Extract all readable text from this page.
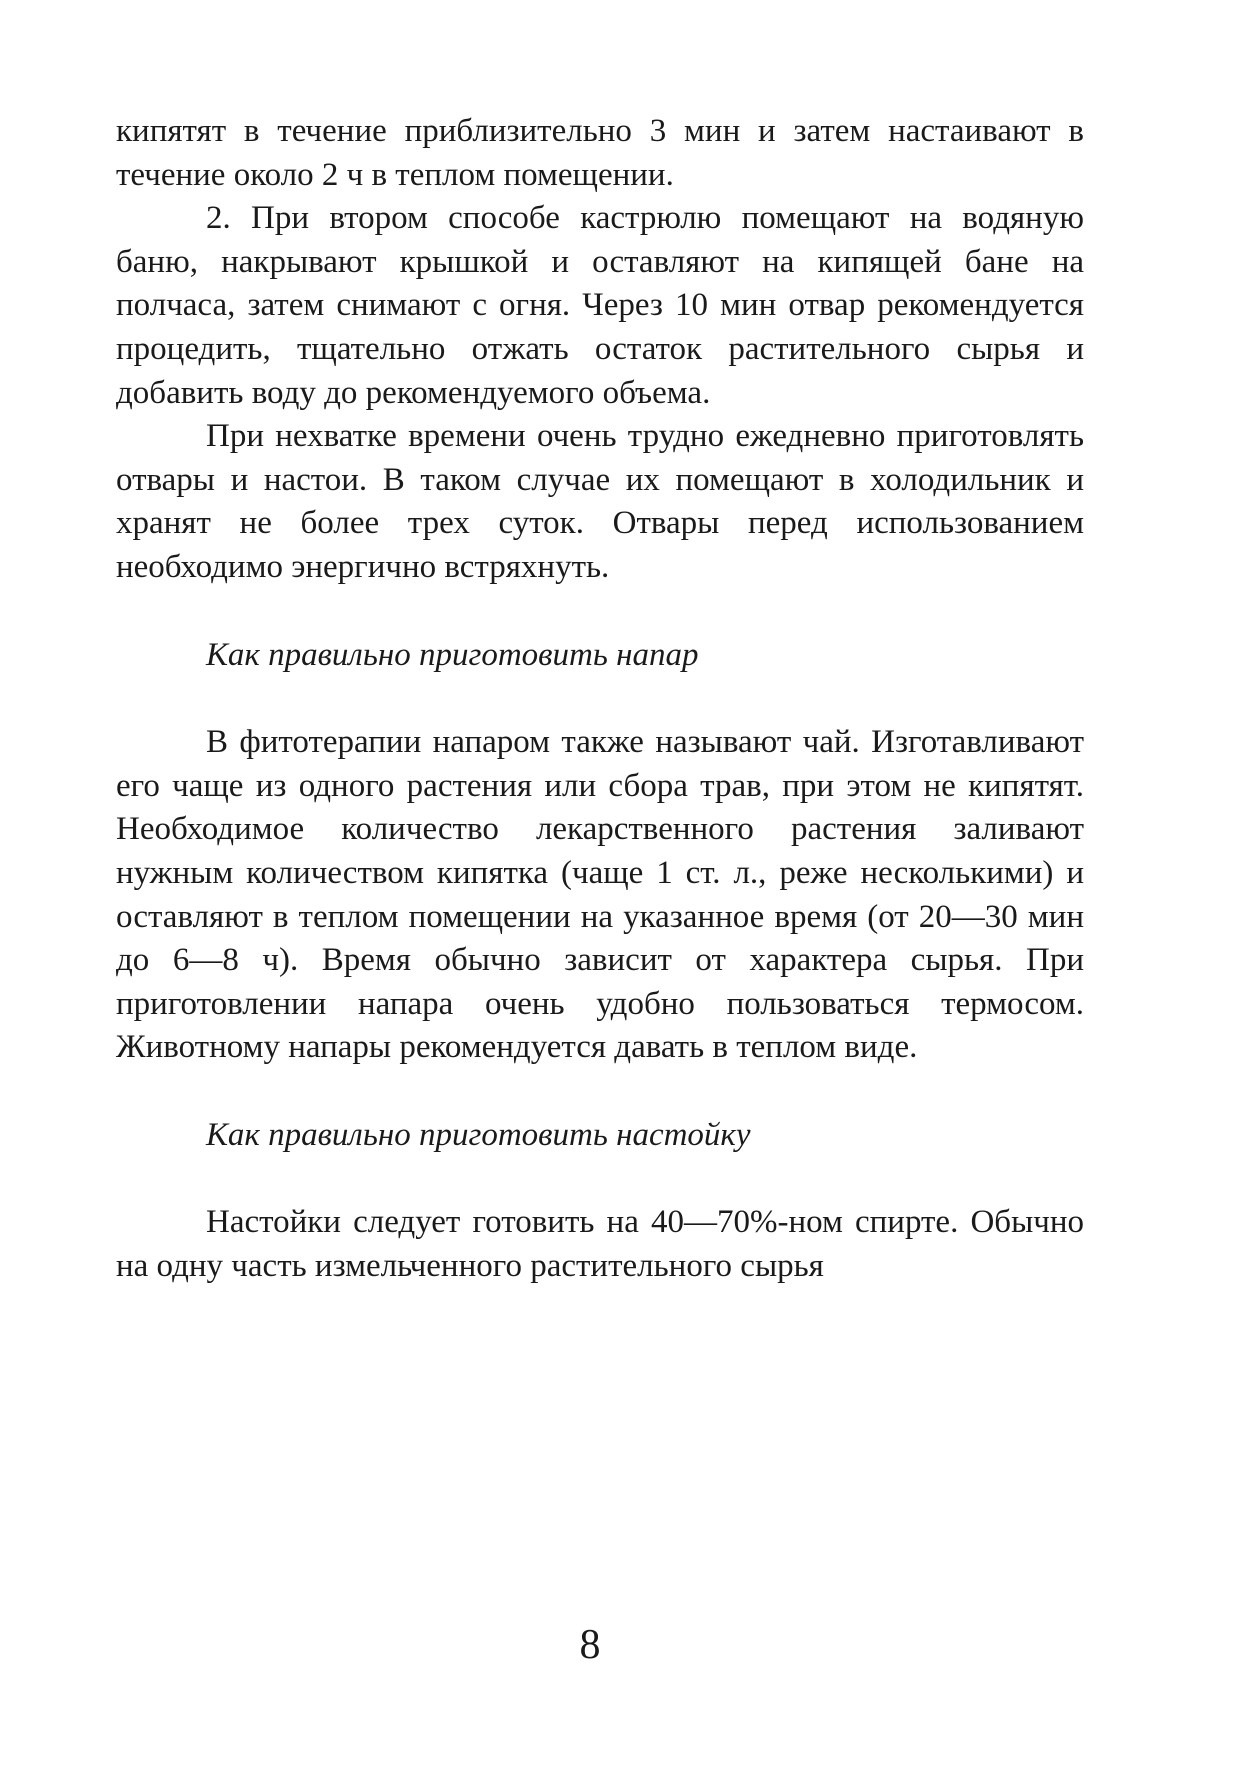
кипятят в течение приблизительно 3 мин и затем настаивают в течение около 2 ч в теплом помещении.

2. При втором способе кастрюлю помещают на водяную баню, накрывают крышкой и оставляют на кипящей бане на полчаса, затем снимают с огня. Через 10 мин отвар рекомендуется процедить, тщательно отжать остаток растительного сырья и добавить воду до рекомендуемого объема.

При нехватке времени очень трудно ежедневно приготовлять отвары и настои. В таком случае их помещают в холодильник и хранят не более трех суток. Отвары перед использованием необходимо энергично встряхнуть.

Как правильно приготовить напар

В фитотерапии напаром также называют чай. Изготавливают его чаще из одного растения или сбора трав, при этом не кипятят. Необходимое количество лекарственного растения заливают нужным количеством кипятка (чаще 1 ст. л., реже несколькими) и оставляют в теплом помещении на указанное время (от 20—30 мин до 6—8 ч). Время обычно зависит от характера сырья. При приготовлении напара очень удобно пользоваться термосом. Животному напары рекомендуется давать в теплом виде.

Как правильно приготовить настойку

Настойки следует готовить на 40—70%-ном спирте. Обычно на одну часть измельченного растительного сырья

8
